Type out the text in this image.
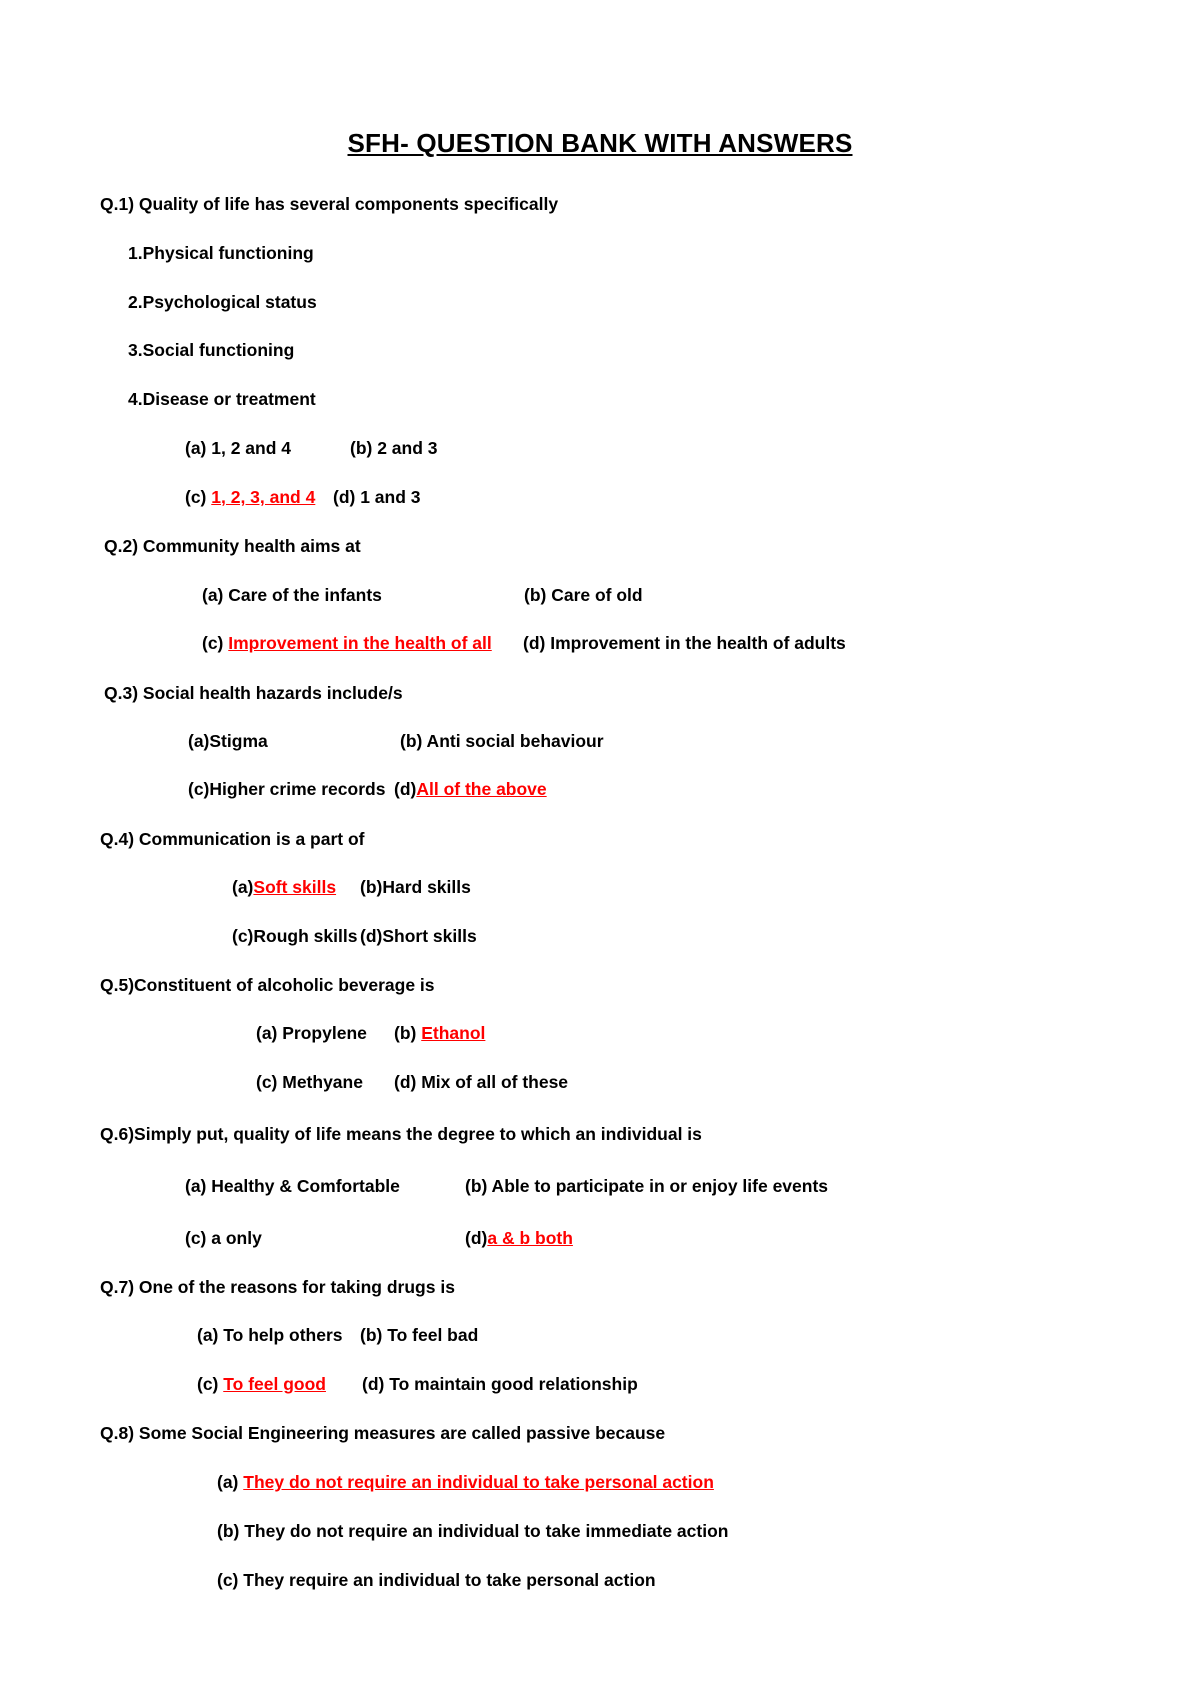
SFH- QUESTION BANK WITH ANSWERS
Q.1) Quality of life has several components specifically
1.Physical functioning
2.Psychological status
3.Social functioning
4.Disease or treatment
(a) 1, 2 and 4	(b) 2 and 3
(c) 1, 2, 3, and 4 (d) 1 and 3
Q.2) Community health aims at
(a) Care of the infants	(b) Care of old
(c) Improvement in the health of all (d) Improvement in the health of adults
Q.3) Social health hazards include/s
(a)Stigma	(b) Anti social behaviour
(c)Higher crime records (d)All of the above
Q.4) Communication is a part of
(a)Soft skills (b)Hard skills
(c)Rough skills (d)Short skills
Q.5)Constituent of alcoholic beverage is
(a) Propylene (b) Ethanol
(c) Methyane (d) Mix of all of these
Q.6)Simply put, quality of life means the degree to which an individual is
(a) Healthy & Comfortable	(b) Able to participate in or enjoy life events
(c) a only	(d)a & b both
Q.7) One of the reasons for taking drugs is
(a) To help others (b) To feel bad
(c) To feel good (d) To maintain good relationship
Q.8) Some Social Engineering measures are called passive because
(a) They do not require an individual to take personal action
(b) They do not require an individual to take immediate action
(c) They require an individual to take personal action
